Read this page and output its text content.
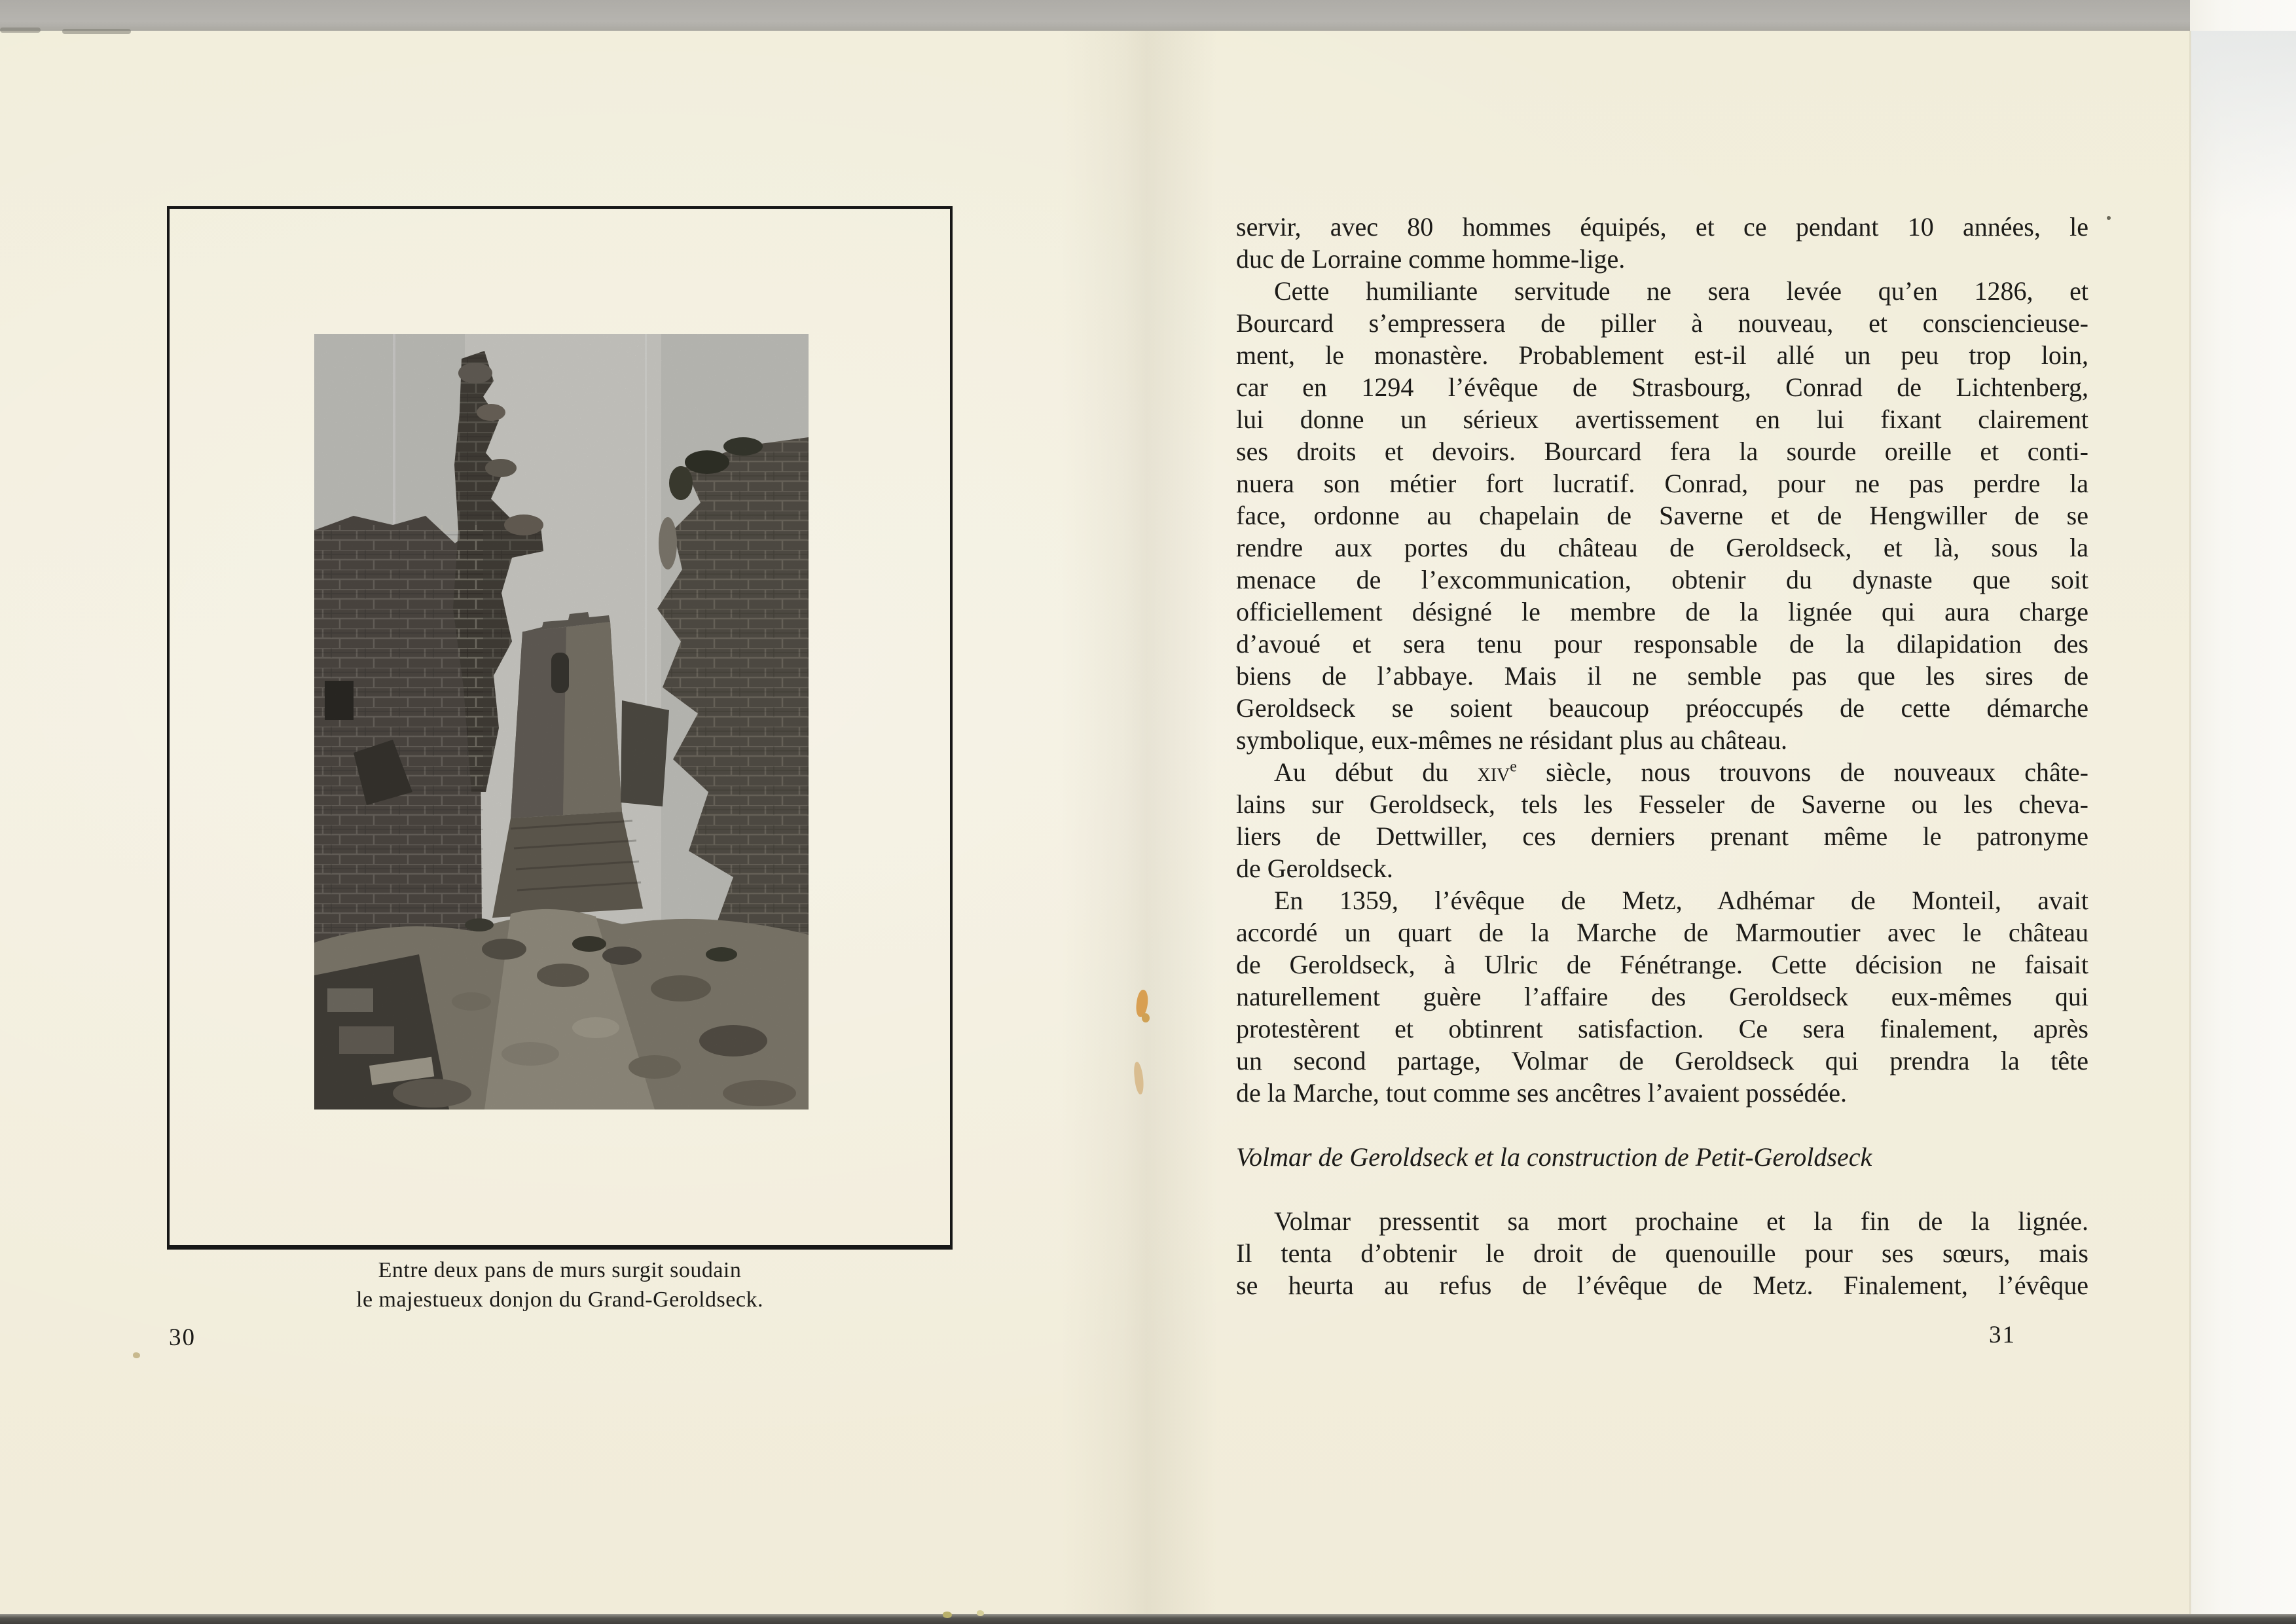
Entre deux pans de murs surgit soudain
le majestueux donjon du Grand-Geroldseck.
30
servir, avec 80 hommes équipés, et ce pendant 10 années, le
duc de Lorraine comme homme-lige.
Cette humiliante servitude ne sera levée qu’en 1286, et
Bourcard s’empressera de piller à nouveau, et consciencieuse-
ment, le monastère. Probablement est-il allé un peu trop loin,
car en 1294 l’évêque de Strasbourg, Conrad de Lichtenberg,
lui donne un sérieux avertissement en lui fixant clairement
ses droits et devoirs. Bourcard fera la sourde oreille et conti-
nuera son métier fort lucratif. Conrad, pour ne pas perdre la
face, ordonne au chapelain de Saverne et de Hengwiller de se
rendre aux portes du château de Geroldseck, et là, sous la
menace de l’excommunication, obtenir du dynaste que soit
officiellement désigné le membre de la lignée qui aura charge
d’avoué et sera tenu pour responsable de la dilapidation des
biens de l’abbaye. Mais il ne semble pas que les sires de
Geroldseck se soient beaucoup préoccupés de cette démarche
symbolique, eux-mêmes ne résidant plus au château.
Au début du xiv$^e$ siècle, nous trouvons de nouveaux châte-
lains sur Geroldseck, tels les Fesseler de Saverne ou les cheva-
liers de Dettwiller, ces derniers prenant même le patronyme
de Geroldseck.
En 1359, l’évêque de Metz, Adhémar de Monteil, avait
accordé un quart de la Marche de Marmoutier avec le château
de Geroldseck, à Ulric de Fénétrange. Cette décision ne faisait
naturellement guère l’affaire des Geroldseck eux-mêmes qui
protestèrent et obtinrent satisfaction. Ce sera finalement, après
un second partage, Volmar de Geroldseck qui prendra la tête
de la Marche, tout comme ses ancêtres l’avaient possédée.
Volmar de Geroldseck et la construction de Petit-Geroldseck
Volmar pressentit sa mort prochaine et la fin de la lignée.
Il tenta d’obtenir le droit de quenouille pour ses sœurs, mais
se heurta au refus de l’évêque de Metz. Finalement, l’évêque
31
